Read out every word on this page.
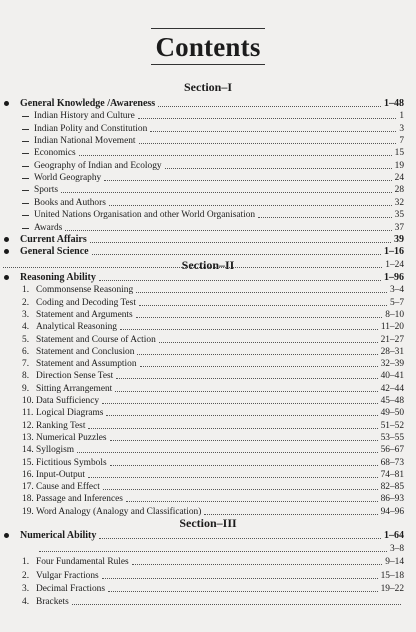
Contents
Section–I
General Knowledge /Awareness	1–48
Indian History and Culture	1
Indian Polity and Constitution	3
Indian National Movement	7
Economics	15
Geography of Indian and Ecology	19
World Geography	24
Sports	28
Books and Authors	32
United Nations Organisation and other World Organisation	35
Awards	37
Current Affairs	39
General Science	1–16
1–24
Section–II
Reasoning Ability	1–96
1. Commonsense Reasoning	3–4
2. Coding and Decoding Test	5–7
3. Statement and Arguments	8–10
4. Analytical Reasoning	11–20
5. Statement and Course of Action	21–27
6. Statement and Conclusion	28–31
7. Statement and Assumption	32–39
8. Direction Sense Test	40–41
9. Sitting Arrangement	42–44
10. Data Sufficiency	45–48
11. Logical Diagrams	49–50
12. Ranking Test	51–52
13. Numerical Puzzles	53–55
14. Syllogism	56–67
15. Fictitious Symbols	68–73
16. Input-Output	74–81
17. Cause and Effect	82–85
18. Passage and Inferences	86–93
19. Word Analogy (Analogy and Classification)	94–96
Section–III
Numerical Ability	1–64
3–8
1. Four Fundamental Rules	9–14
2. Vulgar Fractions	15–18
3. Decimal Fractions	19–22
4. Brackets
